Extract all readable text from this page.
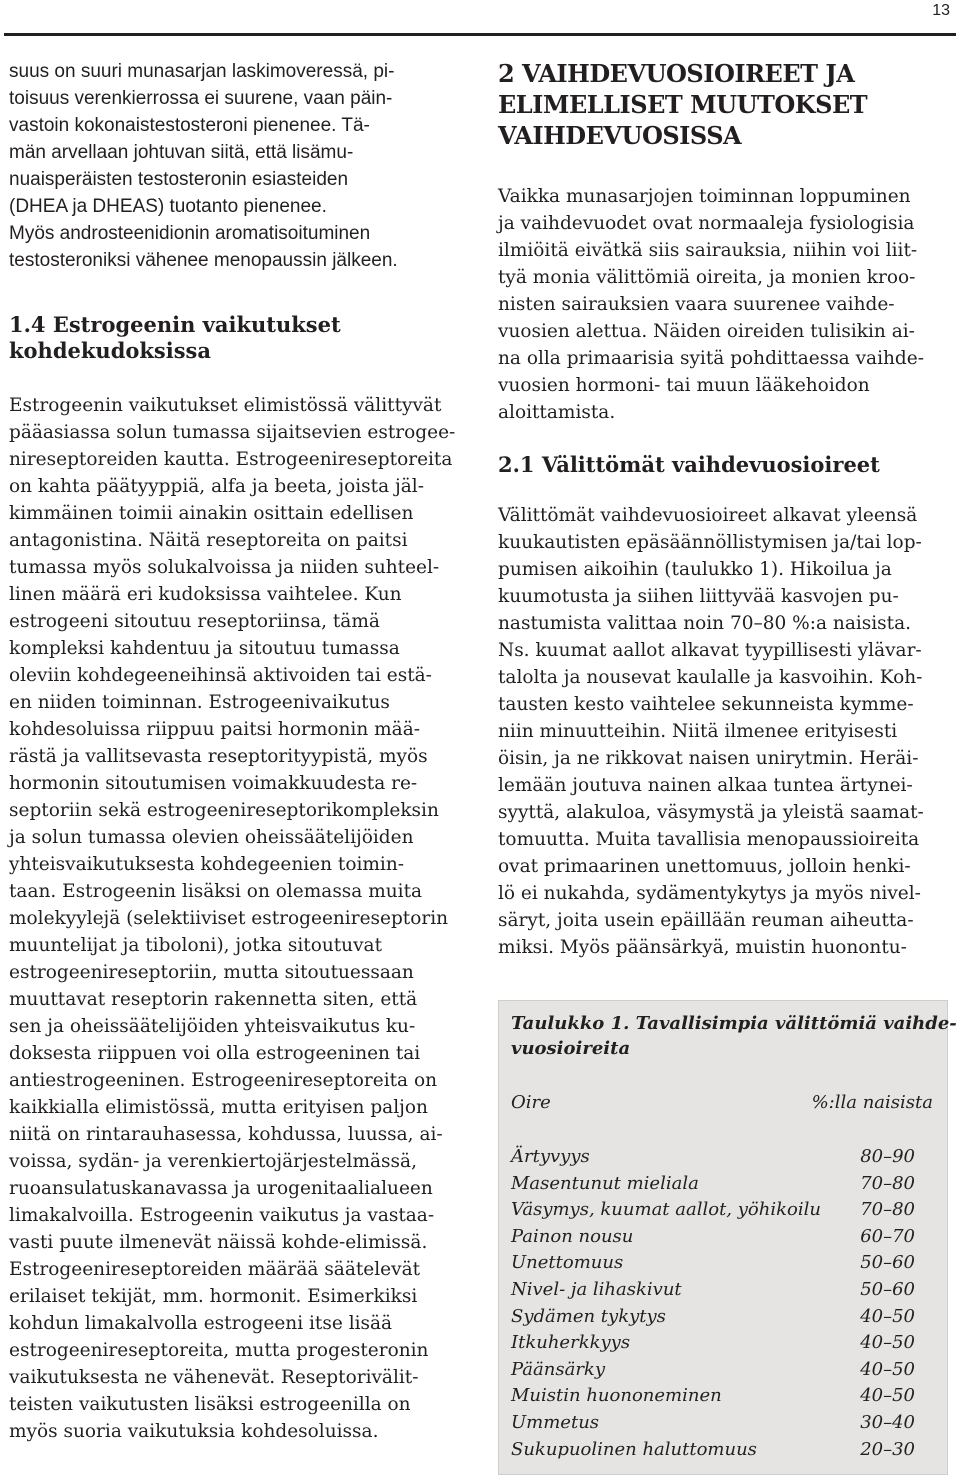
13
suus on suuri munasarjan laskimoveressä, pi-
toisuus verenkierrossa ei suurene, vaan päin-
vastoin kokonaistestosteroni pienenee. Tä-
män arvellaan johtuvan siitä, että lisämu-
nuaisperäisten testosteronin esiasteiden
(DHEA ja DHEAS) tuotanto pienenee.
Myös androsteenidionin aromatisoituminen
testosteroniksi vähenee menopaussin jälkeen.
1.4 Estrogeenin vaikutukset
kohdekudoksissa
Estrogeenin vaikutukset elimistössä välittyvät
pääasiassa solun tumassa sijaitsevien estrogee-
nireseptoreiden kautta. Estrogeenireseptoreita
on kahta päätyyppiä, alfa ja beeta, joista jäl-
kimmäinen toimii ainakin osittain edellisen
antagonistina. Näitä reseptoreita on paitsi
tumassa myös solukalvoissa ja niiden suhteel-
linen määrä eri kudoksissa vaihtelee. Kun
estrogeeni sitoutuu reseptoriinsa, tämä
kompleksi kahdentuu ja sitoutuu tumassa
oleviin kohdegeeneihinsä aktivoiden tai estä-
en niiden toiminnan. Estrogeenivaikutus
kohdesoluissa riippuu paitsi hormonin mää-
rästä ja vallitsevasta reseptorityypistä, myös
hormonin sitoutumisen voimakkuudesta re-
septoriin sekä estrogeenireseptorikompleksin
ja solun tumassa olevien oheissäätelijöiden
yhteisvaikutuksesta kohdegeenien toimin-
taan. Estrogeenin lisäksi on olemassa muita
molekyylejä (selektiiviset estrogeenireseptorin
muuntelijat ja tiboloni), jotka sitoutuvat
estrogeenireseptoriin, mutta sitoutuessaan
muuttavat reseptorin rakennetta siten, että
sen ja oheissäätelijöiden yhteisvaikutus ku-
doksesta riippuen voi olla estrogeeninen tai
antiestrogeeninen. Estrogeenireseptoreita on
kaikkialla elimistössä, mutta erityisen paljon
niitä on rintarauhasessa, kohdussa, luussa, ai-
voissa, sydän- ja verenkiertojärjestelmässä,
ruoansulatuskanavassa ja urogenitaalialueen
limakalvoilla. Estrogeenin vaikutus ja vastaa-
vasti puute ilmenevät näissä kohde-elimissä.
Estrogeenireseptoreiden määrää säätelevät
erilaiset tekijät, mm. hormonit. Esimerkiksi
kohdun limakalvolla estrogeeni itse lisää
estrogeenireseptoreita, mutta progesteronin
vaikutuksesta ne vähenevät. Reseptorivälit-
teisten vaikutusten lisäksi estrogeenilla on
myös suoria vaikutuksia kohdesoluissa.
2 VAIHDEVUOSIOIREET JA
ELIMELLISET MUUTOKSET
VAIHDEVUOSISSA
Vaikka munasarjojen toiminnan loppuminen
ja vaihdevuodet ovat normaaleja fysiologisia
ilmiöitä eivätkä siis sairauksia, niihin voi liit-
tyä monia välittömiä oireita, ja monien kroo-
nisten sairauksien vaara suurenee vaihde-
vuosien alettua. Näiden oireiden tulisikin ai-
na olla primaarisia syitä pohdittaessa vaihde-
vuosien hormoni- tai muun lääkehoidon
aloittamista.
2.1 Välittömät vaihdevuosioireet
Välittömät vaihdevuosioireet alkavat yleensä
kuukautisten epäsäännöllistymisen ja/tai lop-
pumisen aikoihin (taulukko 1). Hikoilua ja
kuumotusta ja siihen liittyvää kasvojen pu-
nastumista valittaa noin 70–80 %:a naisista.
Ns. kuumat aallot alkavat tyypillisesti ylävar-
talolta ja nousevat kaulalle ja kasvoihin. Koh-
tausten kesto vaihtelee sekunneista kymme-
niin minuutteihin. Niitä ilmenee erityisesti
öisin, ja ne rikkovat naisen unirytmin. Heräi-
lemään joutuva nainen alkaa tuntea ärtynei-
syyttä, alakuloa, väsymystä ja yleistä saamat-
tomuutta. Muita tavallisia menopaussioireita
ovat primaarinen unettomuus, jolloin henki-
lö ei nukahda, sydämentykytys ja myös nivel-
säryt, joita usein epäillään reuman aiheutta-
miksi. Myös päänsärkyä, muistin huonontu-
Taulukko 1. Tavallisimpia välittömiä vaihde-
vuosioireita
Oire	%:lla naisista
Ärtyvyys	80–90
Masentunut mieliala	70–80
Väsymys, kuumat aallot, yöhikoilu 70–80
Painon nousu	60–70
Unettomuus	50–60
Nivel- ja lihaskivut	50–60
Sydämen tykytys	40–50
Itkuherkkyys	40–50
Päänsärky	40–50
Muistin huononeminen	40–50
Ummetus	30–40
Sukupuolinen haluttomuus	20–30
